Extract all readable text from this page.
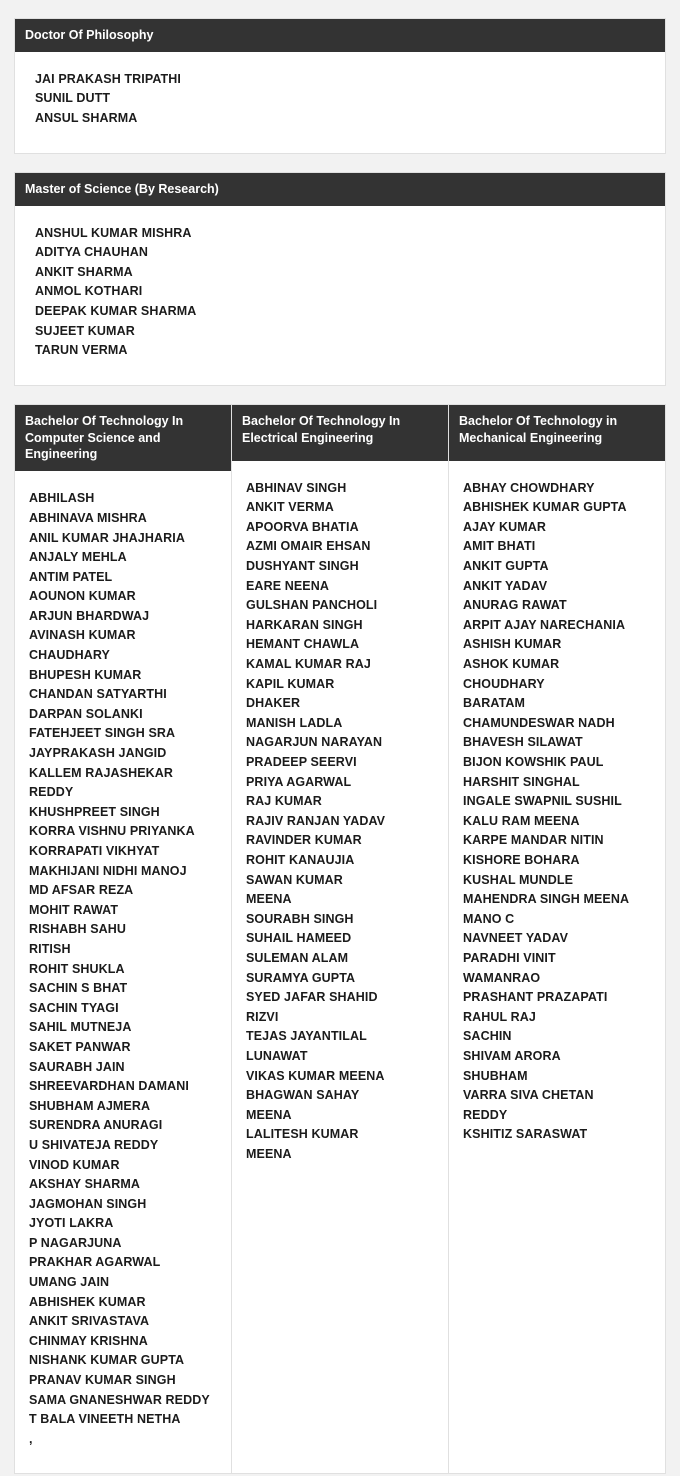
Doctor Of Philosophy
JAI PRAKASH TRIPATHI
SUNIL DUTT
ANSUL SHARMA
Master of Science (By Research)
ANSHUL KUMAR MISHRA
ADITYA CHAUHAN
ANKIT SHARMA
ANMOL KOTHARI
DEEPAK KUMAR SHARMA
SUJEET KUMAR
TARUN VERMA
Bachelor Of Technology In Computer Science and Engineering
ABHILASH
ABHINAVA MISHRA
ANIL KUMAR JHAJHARIA
ANJALY MEHLA
ANTIM PATEL
AOUNON KUMAR
ARJUN BHARDWAJ
AVINASH KUMAR
CHAUDHARY
BHUPESH KUMAR
CHANDAN SATYARTHI
DARPAN SOLANKI
FATEHJEET SINGH SRA
JAYPRAKASH JANGID
KALLEM RAJASHEKAR
REDDY
KHUSHPREET SINGH
KORRA VISHNU PRIYANKA
KORRAPATI VIKHYAT
MAKHIJANI NIDHI MANOJ
MD AFSAR REZA
MOHIT RAWAT
RISHABH SAHU
RITISH
ROHIT SHUKLA
SACHIN S BHAT
SACHIN TYAGI
SAHIL MUTNEJA
SAKET PANWAR
SAURABH JAIN
SHREEVARDHAN DAMANI
SHUBHAM AJMERA
SURENDRA ANURAGI
U SHIVATEJA REDDY
VINOD KUMAR
AKSHAY SHARMA
JAGMOHAN SINGH
JYOTI LAKRA
P NAGARJUNA
PRAKHAR AGARWAL
UMANG JAIN
ABHISHEK KUMAR
ANKIT SRIVASTAVA
CHINMAY KRISHNA
NISHANK KUMAR GUPTA
PRANAV KUMAR SINGH
SAMA GNANESHWAR REDDY
T BALA VINEETH NETHA
,
Bachelor Of Technology In Electrical Engineering
ABHINAV SINGH
ANKIT VERMA
APOORVA BHATIA
AZMI OMAIR EHSAN
DUSHYANT SINGH
EARE NEENA
GULSHAN PANCHOLI
HARKARAN SINGH
HEMANT CHAWLA
KAMAL KUMAR RAJ
KAPIL KUMAR
DHAKER
MANISH LADLA
NAGARJUN NARAYAN
PRADEEP SEERVI
PRIYA AGARWAL
RAJ KUMAR
RAJIV RANJAN YADAV
RAVINDER KUMAR
ROHIT KANAUJIA
SAWAN KUMAR
MEENA
SOURABH SINGH
SUHAIL HAMEED
SULEMAN ALAM
SURAMYA GUPTA
SYED JAFAR SHAHID
RIZVI
TEJAS JAYANTILAL
LUNAWAT
VIKAS KUMAR MEENA
BHAGWAN SAHAY
MEENA
LALITESH KUMAR
MEENA
Bachelor Of Technology in Mechanical Engineering
ABHAY CHOWDHARY
ABHISHEK KUMAR GUPTA
AJAY KUMAR
AMIT BHATI
ANKIT GUPTA
ANKIT YADAV
ANURAG RAWAT
ARPIT AJAY NARECHANIA
ASHISH KUMAR
ASHOK KUMAR
CHOUDHARY
BARATAM
CHAMUNDESWAR NADH
BHAVESH SILAWAT
BIJON KOWSHIK PAUL
HARSHIT SINGHAL
INGALE SWAPNIL SUSHIL
KALU RAM MEENA
KARPE MANDAR NITIN
KISHORE BOHARA
KUSHAL MUNDLE
MAHENDRA SINGH MEENA
MANO C
NAVNEET YADAV
PARADHI VINIT
WAMANRAO
PRASHANT PRAZAPATI
RAHUL RAJ
SACHIN
SHIVAM ARORA
SHUBHAM
VARRA SIVA CHETAN
REDDY
KSHITIZ SARASWAT
